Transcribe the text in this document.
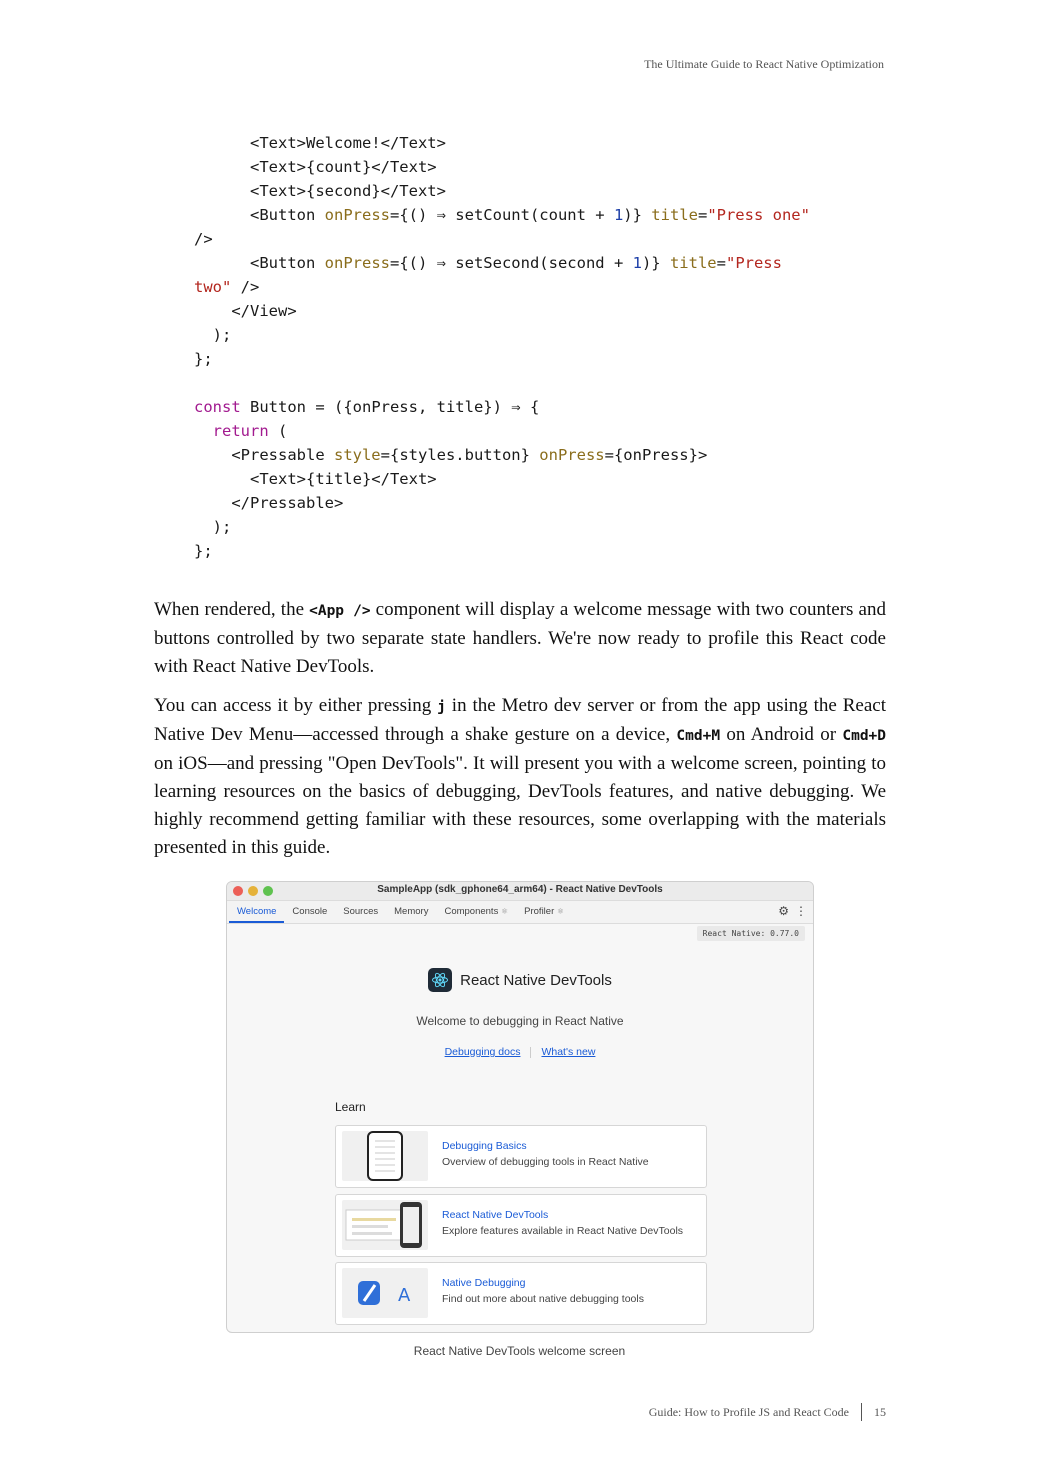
The Ultimate Guide to React Native Optimization
<Text>Welcome!</Text>
<Text>{count}</Text>
<Text>{second}</Text>
<Button onPress={() ⇒ setCount(count + 1)} title="Press one"
/>
<Button onPress={() ⇒ setSecond(second + 1)} title="Press
two" />
</View>
);
};
const Button = ({onPress, title}) ⇒ {
return (
<Pressable style={styles.button} onPress={onPress}>
<Text>{title}</Text>
</Pressable>
);
};

When rendered, the <App /> component will display a welcome message with two counters and buttons controlled by two separate state handlers. We're now ready to profile this React code with React Native DevTools.

You can access it by either pressing j in the Metro dev server or from the app using the React Native Dev Menu—accessed through a shake gesture on a device, Cmd+M on Android or Cmd+D on iOS—and pressing "Open DevTools". It will present you with a welcome screen, pointing to learning resources on the basics of debugging, DevTools features, and native debugging. We highly recommend getting familiar with these resources, some overlapping with the materials presented in this guide.

SampleApp (sdk_gphone64_arm64) - React Native DevTools
Welcome	Console	Sources	Memory	Components ⚛	Profiler ⚛	⚙ ⋮
React Native: 0.77.0
React Native DevTools
Welcome to debugging in React Native
Debugging docs What's new
Learn
Debugging Basics
Overview of debugging tools in React Native
React Native DevTools
Explore features available in React Native DevTools
A
Native Debugging
Find out more about native debugging tools
React Native DevTools welcome screen
Guide: How to Profile JS and React Code 15
